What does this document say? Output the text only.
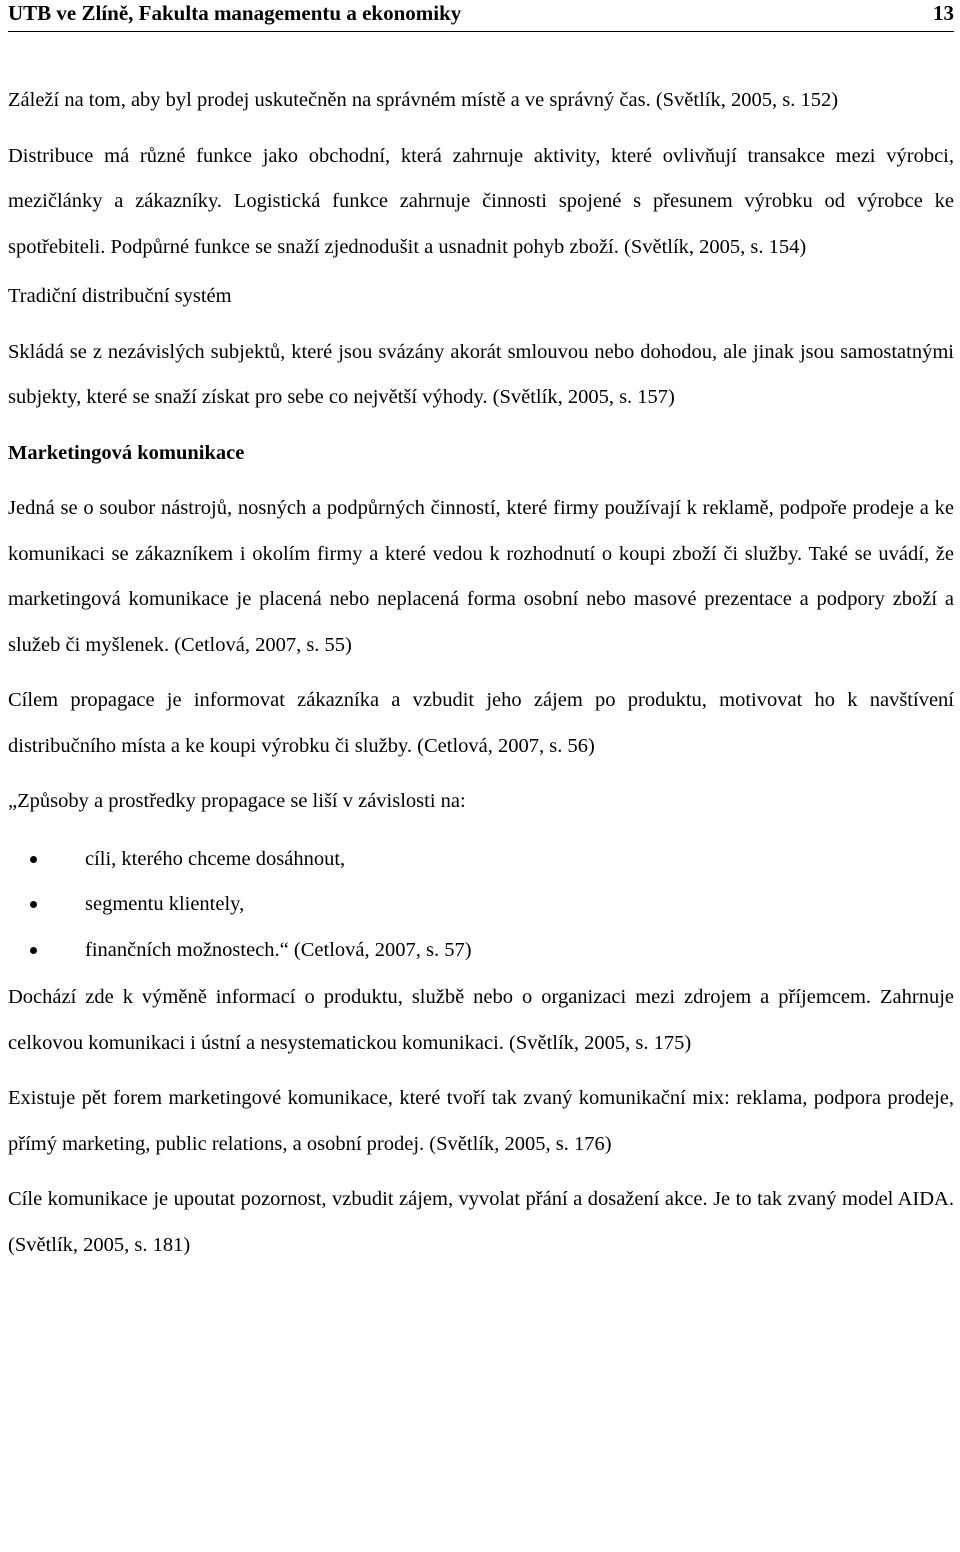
UTB ve Zlíně, Fakulta managementu a ekonomiky	13

Záleží na tom, aby byl prodej uskutečněn na správném místě a ve správný čas. (Světlík, 2005, s. 152)

Distribuce má různé funkce jako obchodní, která zahrnuje aktivity, které ovlivňují transakce mezi výrobci, mezičlánky a zákazníky. Logistická funkce zahrnuje činnosti spojené s přesunem výrobku od výrobce ke spotřebiteli. Podpůrné funkce se snaží zjednodušit a usnadnit pohyb zboží. (Světlík, 2005, s. 154)

Tradiční distribuční systém

Skládá se z nezávislých subjektů, které jsou svázány akorát smlouvou nebo dohodou, ale jinak jsou samostatnými subjekty, které se snaží získat pro sebe co největší výhody. (Světlík, 2005, s. 157)

Marketingová komunikace

Jedná se o soubor nástrojů, nosných a podpůrných činností, které firmy používají k reklamě, podpoře prodeje a ke komunikaci se zákazníkem i okolím firmy a které vedou k rozhodnutí o koupi zboží či služby. Také se uvádí, že marketingová komunikace je placená nebo neplacená forma osobní nebo masové prezentace a podpory zboží a služeb či myšlenek. (Cetlová, 2007, s. 55)

Cílem propagace je informovat zákazníka a vzbudit jeho zájem po produktu, motivovat ho k navštívení distribučního místa a ke koupi výrobku či služby. (Cetlová, 2007, s. 56)

„Způsoby a prostředky propagace se liší v závislosti na:

cíli, kterého chceme dosáhnout,
segmentu klientely,
finančních možnostech.“ (Cetlová, 2007, s. 57)

Dochází zde k výměně informací o produktu, službě nebo o organizaci mezi zdrojem a příjemcem. Zahrnuje celkovou komunikaci i ústní a nesystematickou komunikaci. (Světlík, 2005, s. 175)

Existuje pět forem marketingové komunikace, které tvoří tak zvaný komunikační mix: reklama, podpora prodeje, přímý marketing, public relations, a osobní prodej. (Světlík, 2005, s. 176)

Cíle komunikace je upoutat pozornost, vzbudit zájem, vyvolat přání a dosažení akce. Je to tak zvaný model AIDA. (Světlík, 2005, s. 181)
